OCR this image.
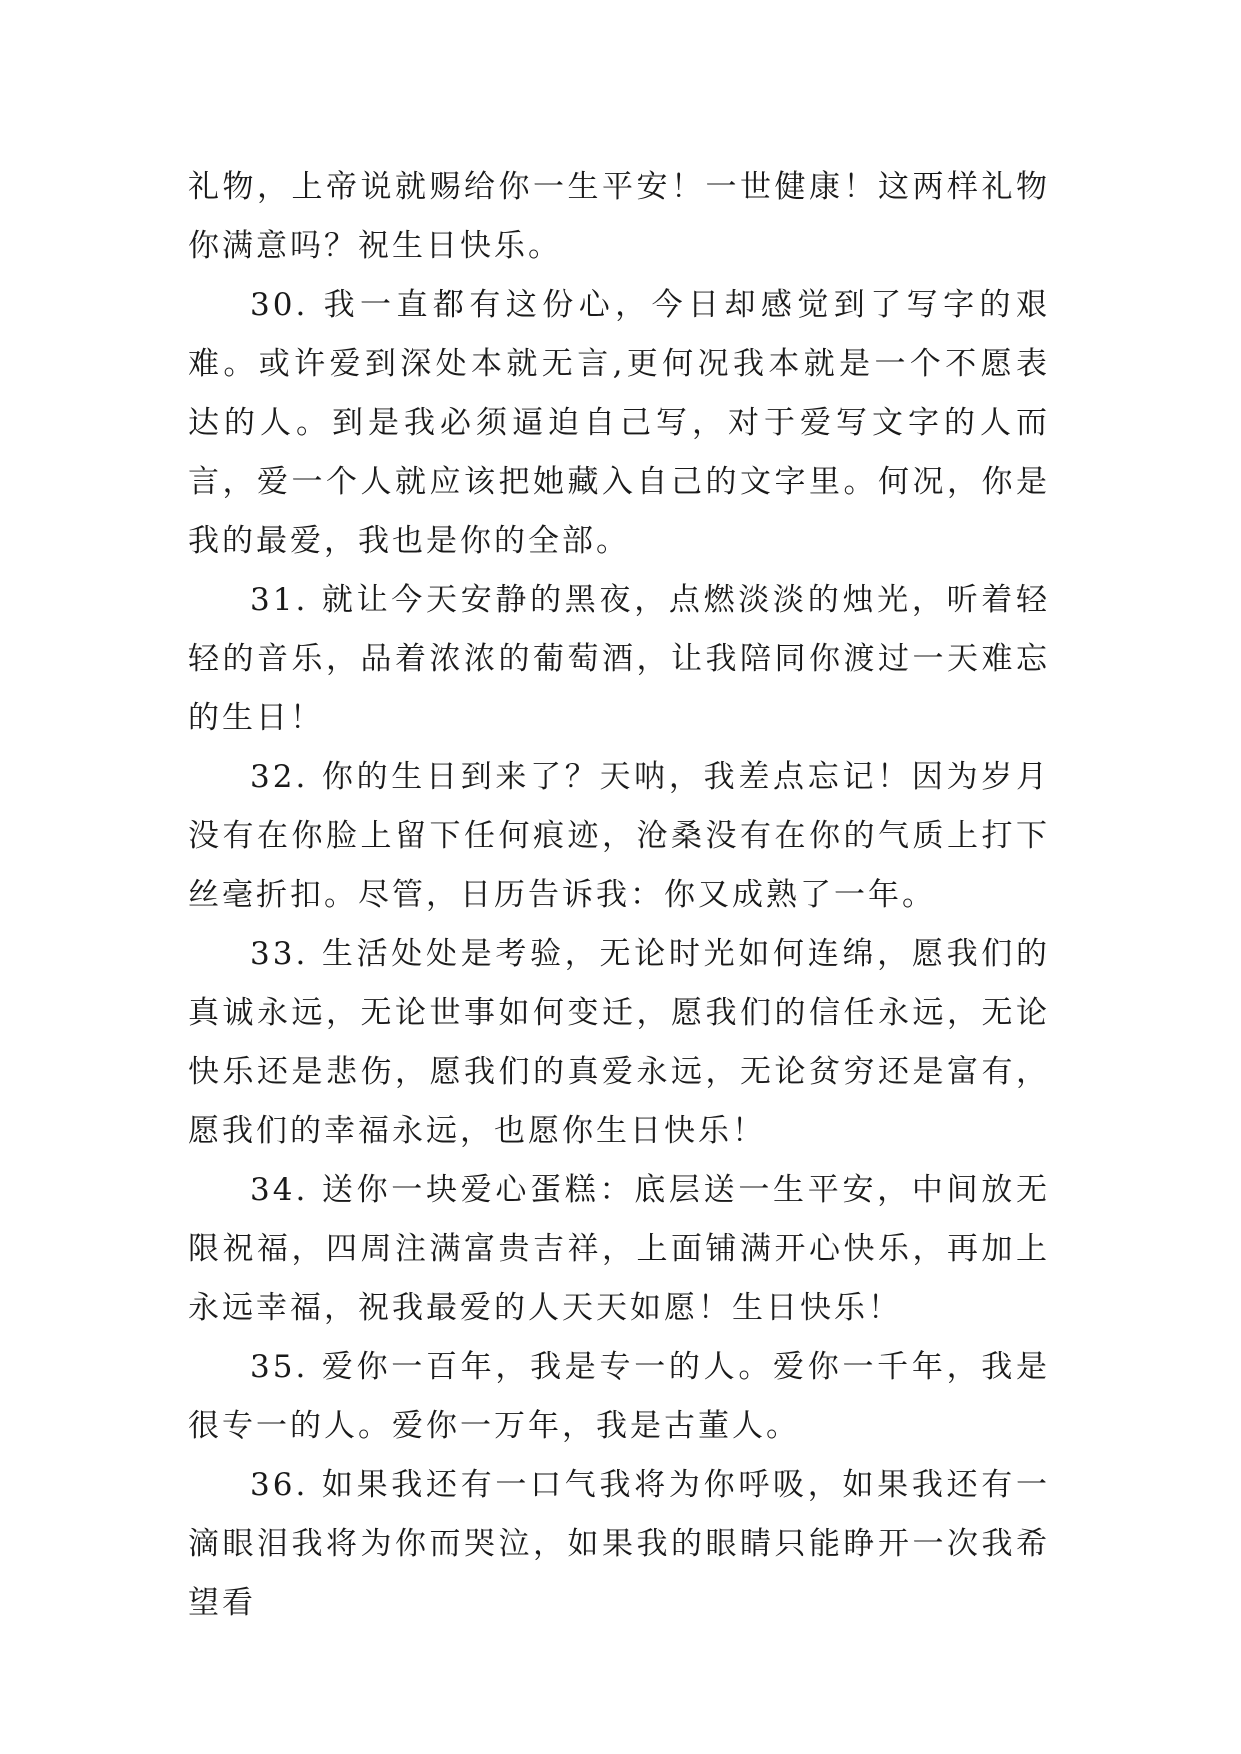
礼物，上帝说就赐给你一生平安！一世健康！这两样礼物你满意吗？祝生日快乐。

30. 我一直都有这份心，今日却感觉到了写字的艰难。或许爱到深处本就无言,更何况我本就是一个不愿表达的人。到是我必须逼迫自己写，对于爱写文字的人而言，爱一个人就应该把她藏入自己的文字里。何况，你是我的最爱，我也是你的全部。

31. 就让今天安静的黑夜，点燃淡淡的烛光，听着轻轻的音乐，品着浓浓的葡萄酒，让我陪同你渡过一天难忘的生日！

32. 你的生日到来了？天呐，我差点忘记！因为岁月没有在你脸上留下任何痕迹，沧桑没有在你的气质上打下丝毫折扣。尽管，日历告诉我：你又成熟了一年。

33. 生活处处是考验，无论时光如何连绵，愿我们的真诚永远，无论世事如何变迁，愿我们的信任永远，无论快乐还是悲伤，愿我们的真爱永远，无论贫穷还是富有，愿我们的幸福永远，也愿你生日快乐！

34. 送你一块爱心蛋糕：底层送一生平安，中间放无限祝福，四周注满富贵吉祥，上面铺满开心快乐，再加上永远幸福，祝我最爱的人天天如愿！生日快乐！

35. 爱你一百年，我是专一的人。爱你一千年，我是很专一的人。爱你一万年，我是古董人。

36. 如果我还有一口气我将为你呼吸，如果我还有一滴眼泪我将为你而哭泣，如果我的眼睛只能睁开一次我希望看
